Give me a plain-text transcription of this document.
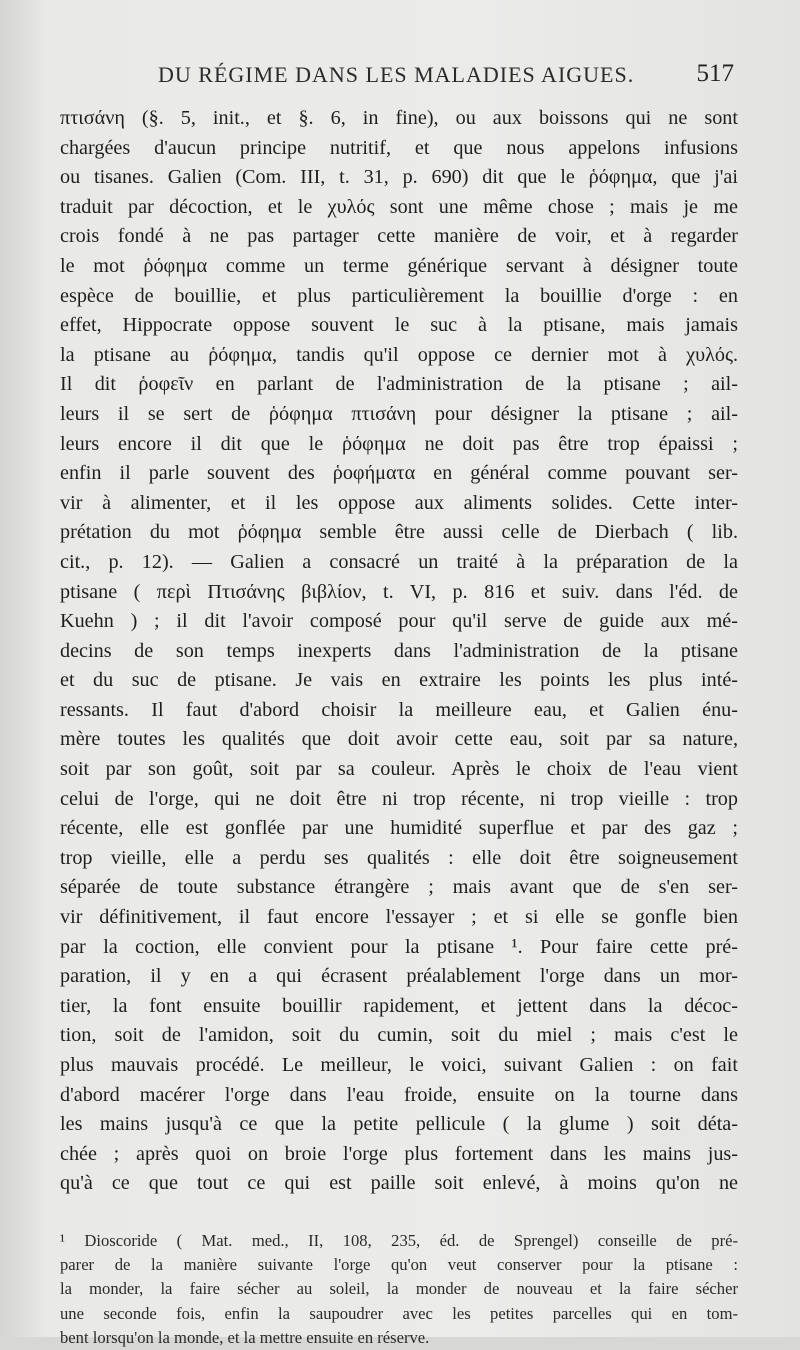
DU RÉGIME DANS LES MALADIES AIGUES. 517
πτισάνη (§. 5, init., et §. 6, in fine), ou aux boissons qui ne sont
chargées d'aucun principe nutritif, et que nous appelons infusions
ou tisanes. Galien (Com. III, t. 31, p. 690) dit que le ῥόφημα, que j'ai
traduit par décoction, et le χυλός sont une même chose ; mais je me
crois fondé à ne pas partager cette manière de voir, et à regarder
le mot ῥόφημα comme un terme générique servant à désigner toute
espèce de bouillie, et plus particulièrement la bouillie d'orge : en
effet, Hippocrate oppose souvent le suc à la ptisane, mais jamais
la ptisane au ῥόφημα, tandis qu'il oppose ce dernier mot à χυλός.
Il dit ῥοφεῖν en parlant de l'administration de la ptisane ; ail-
leurs il se sert de ῥόφημα πτισάνη pour désigner la ptisane ; ail-
leurs encore il dit que le ῥόφημα ne doit pas être trop épaissi ;
enfin il parle souvent des ῥοφήματα en général comme pouvant ser-
vir à alimenter, et il les oppose aux aliments solides. Cette inter-
prétation du mot ῥόφημα semble être aussi celle de Dierbach ( lib.
cit., p. 12). — Galien a consacré un traité à la préparation de la
ptisane ( περὶ Πτισάνης βιβλίον, t. VI, p. 816 et suiv. dans l'éd. de
Kuehn ) ; il dit l'avoir composé pour qu'il serve de guide aux mé-
decins de son temps inexperts dans l'administration de la ptisane
et du suc de ptisane. Je vais en extraire les points les plus inté-
ressants. Il faut d'abord choisir la meilleure eau, et Galien énu-
mère toutes les qualités que doit avoir cette eau, soit par sa nature,
soit par son goût, soit par sa couleur. Après le choix de l'eau vient
celui de l'orge, qui ne doit être ni trop récente, ni trop vieille : trop
récente, elle est gonflée par une humidité superflue et par des gaz ;
trop vieille, elle a perdu ses qualités : elle doit être soigneusement
séparée de toute substance étrangère ; mais avant que de s'en ser-
vir définitivement, il faut encore l'essayer ; et si elle se gonfle bien
par la coction, elle convient pour la ptisane ¹. Pour faire cette pré-
paration, il y en a qui écrasent préalablement l'orge dans un mor-
tier, la font ensuite bouillir rapidement, et jettent dans la décoc-
tion, soit de l'amidon, soit du cumin, soit du miel ; mais c'est le
plus mauvais procédé. Le meilleur, le voici, suivant Galien : on fait
d'abord macérer l'orge dans l'eau froide, ensuite on la tourne dans
les mains jusqu'à ce que la petite pellicule ( la glume ) soit déta-
chée ; après quoi on broie l'orge plus fortement dans les mains jus-
qu'à ce que tout ce qui est paille soit enlevé, à moins qu'on ne
¹ Dioscoride ( Mat. med., II, 108, 235, éd. de Sprengel) conseille de pré-
parer de la manière suivante l'orge qu'on veut conserver pour la ptisane :
la monder, la faire sécher au soleil, la monder de nouveau et la faire sécher
une seconde fois, enfin la saupoudrer avec les petites parcelles qui en tom-
bent lorsqu'on la monde, et la mettre ensuite en réserve.
